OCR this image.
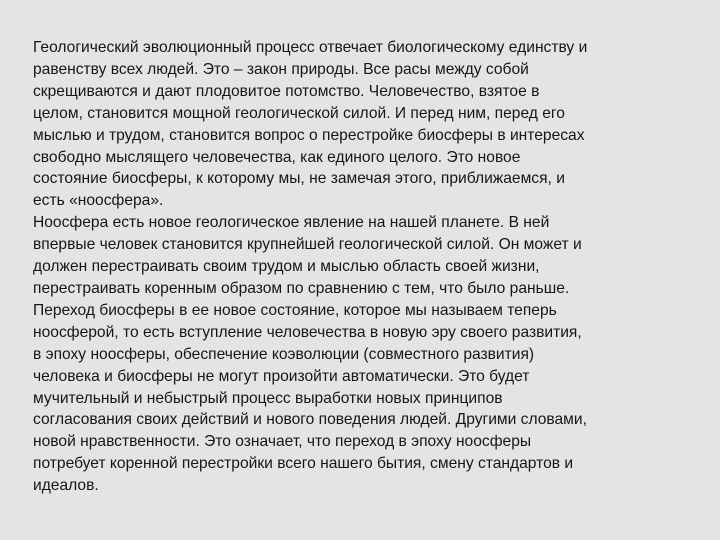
Геологический эволюционный процесс отвечает биологическому единству и
равенству всех людей. Это – закон природы. Все расы между собой
скрещиваются и дают плодовитое потомство. Человечество, взятое в
целом, становится мощной геологической силой. И перед ним, перед его
мыслью и трудом, становится вопрос о перестройке биосферы в интересах
свободно мыслящего человечества, как единого целого. Это новое
состояние биосферы, к которому мы, не замечая этого, приближаемся, и
есть «ноосфера».
Ноосфера есть новое геологическое явление на нашей планете. В ней
впервые человек становится крупнейшей геологической силой. Он может и
должен перестраивать своим трудом и мыслью область своей жизни,
перестраивать коренным образом по сравнению с тем, что было раньше.
Переход биосферы в ее новое состояние, которое мы называем теперь
ноосферой, то есть вступление человечества в новую эру своего развития,
в эпоху ноосферы, обеспечение коэволюции (совместного развития)
человека и биосферы не могут произойти автоматически. Это будет
мучительный и небыстрый процесс выработки новых принципов
согласования своих действий и нового поведения людей. Другими словами,
новой нравственности. Это означает, что переход в эпоху ноосферы
потребует коренной перестройки всего нашего бытия, смену стандартов и
идеалов.
